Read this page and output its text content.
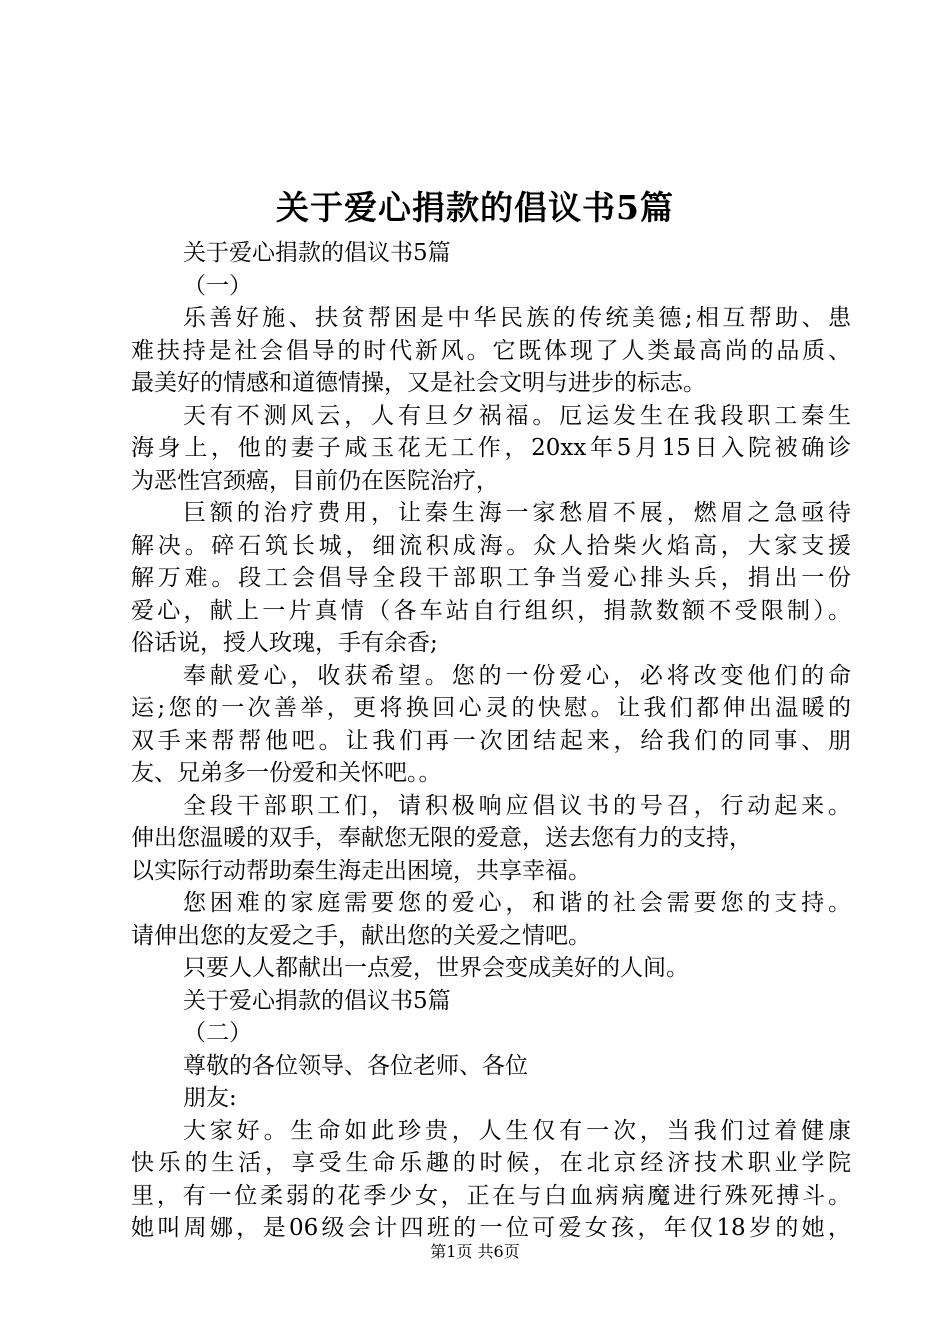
关于爱心捐款的倡议书5篇

关于爱心捐款的倡议书5篇

（一）

乐善好施、扶贫帮困是中华民族的传统美德;相互帮助、患

难扶持是社会倡导的时代新风。它既体现了人类最高尚的品质、

最美好的情感和道德情操，又是社会文明与进步的标志。

天有不测风云，人有旦夕祸福。厄运发生在我段职工秦生

海身上，他的妻子咸玉花无工作，20xx年5月15日入院被确诊

为恶性宫颈癌，目前仍在医院治疗，

巨额的治疗费用，让秦生海一家愁眉不展，燃眉之急亟待

解决。碎石筑长城，细流积成海。众人拾柴火焰高，大家支援

解万难。段工会倡导全段干部职工争当爱心排头兵，捐出一份

爱心，献上一片真情（各车站自行组织，捐款数额不受限制）。

俗话说，授人玫瑰，手有余香;

奉献爱心，收获希望。您的一份爱心，必将改变他们的命

运;您的一次善举，更将换回心灵的快慰。让我们都伸出温暖的

双手来帮帮他吧。让我们再一次团结起来，给我们的同事、朋

友、兄弟多一份爱和关怀吧。。

全段干部职工们，请积极响应倡议书的号召，行动起来。

伸出您温暖的双手，奉献您无限的爱意，送去您有力的支持，

以实际行动帮助秦生海走出困境，共享幸福。

您困难的家庭需要您的爱心，和谐的社会需要您的支持。

请伸出您的友爱之手，献出您的关爱之情吧。

只要人人都献出一点爱，世界会变成美好的人间。

关于爱心捐款的倡议书5篇

（二）

尊敬的各位领导、各位老师、各位

朋友:

大家好。生命如此珍贵，人生仅有一次，当我们过着健康

快乐的生活，享受生命乐趣的时候，在北京经济技术职业学院

里，有一位柔弱的花季少女，正在与白血病病魔进行殊死搏斗。

她叫周娜，是06级会计四班的一位可爱女孩，年仅18岁的她，

第1页 共6页
